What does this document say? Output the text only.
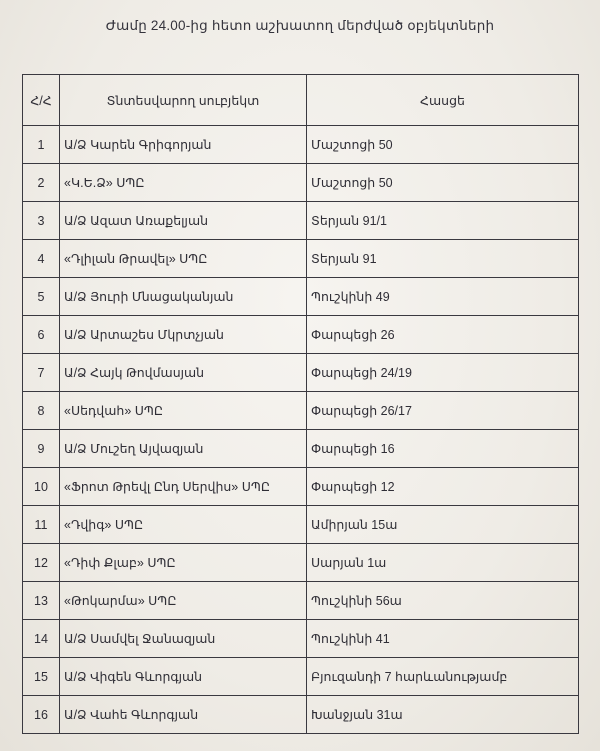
Ժամը 24.00-ից հետո աշխատող մերժված օբյեկտների
Հ/Հ	Տնտեսվարող սուբյեկտ	Հասցե
1	Ա/Ձ Կարեն Գրիգորյան	Մաշտոցի 50
2	«Կ.Ե.Ձ» ՍՊԸ	Մաշտոցի 50
3	Ա/Ձ Ազատ Առաքելյան	Տերյան 91/1
4	«Դլիլան Թրավել» ՍՊԸ	Տերյան 91
5	Ա/Ձ Յուրի Մնացականյան	Պուշկինի 49
6	Ա/Ձ Արտաշես Մկրտչյան	Փարպեցի 26
7	Ա/Ձ Հայկ Թովմասյան	Փարպեցի 24/19
8	«Սեդվահ» ՍՊԸ	Փարպեցի 26/17
9	Ա/Ձ Մուշեղ Այվազյան	Փարպեցի 16
10	«Ֆրոտ Թրեվլ Ընդ Սերվիս» ՍՊԸ	Փարպեցի 12
11	«Դվիգ» ՍՊԸ	Ամիրյան 15ա
12	«Դիփ Քլաբ» ՍՊԸ	Սարյան 1ա
13	«Թոկարմա» ՍՊԸ	Պուշկինի 56ա
14	Ա/Ձ Սամվել Ջանազյան	Պուշկինի 41
15	Ա/Ձ Վիգեն Գևորգյան	Բյուզանդի 7 հարևանությամբ
16	Ա/Ձ Վահե Գևորգյան	Խանջյան 31ա
